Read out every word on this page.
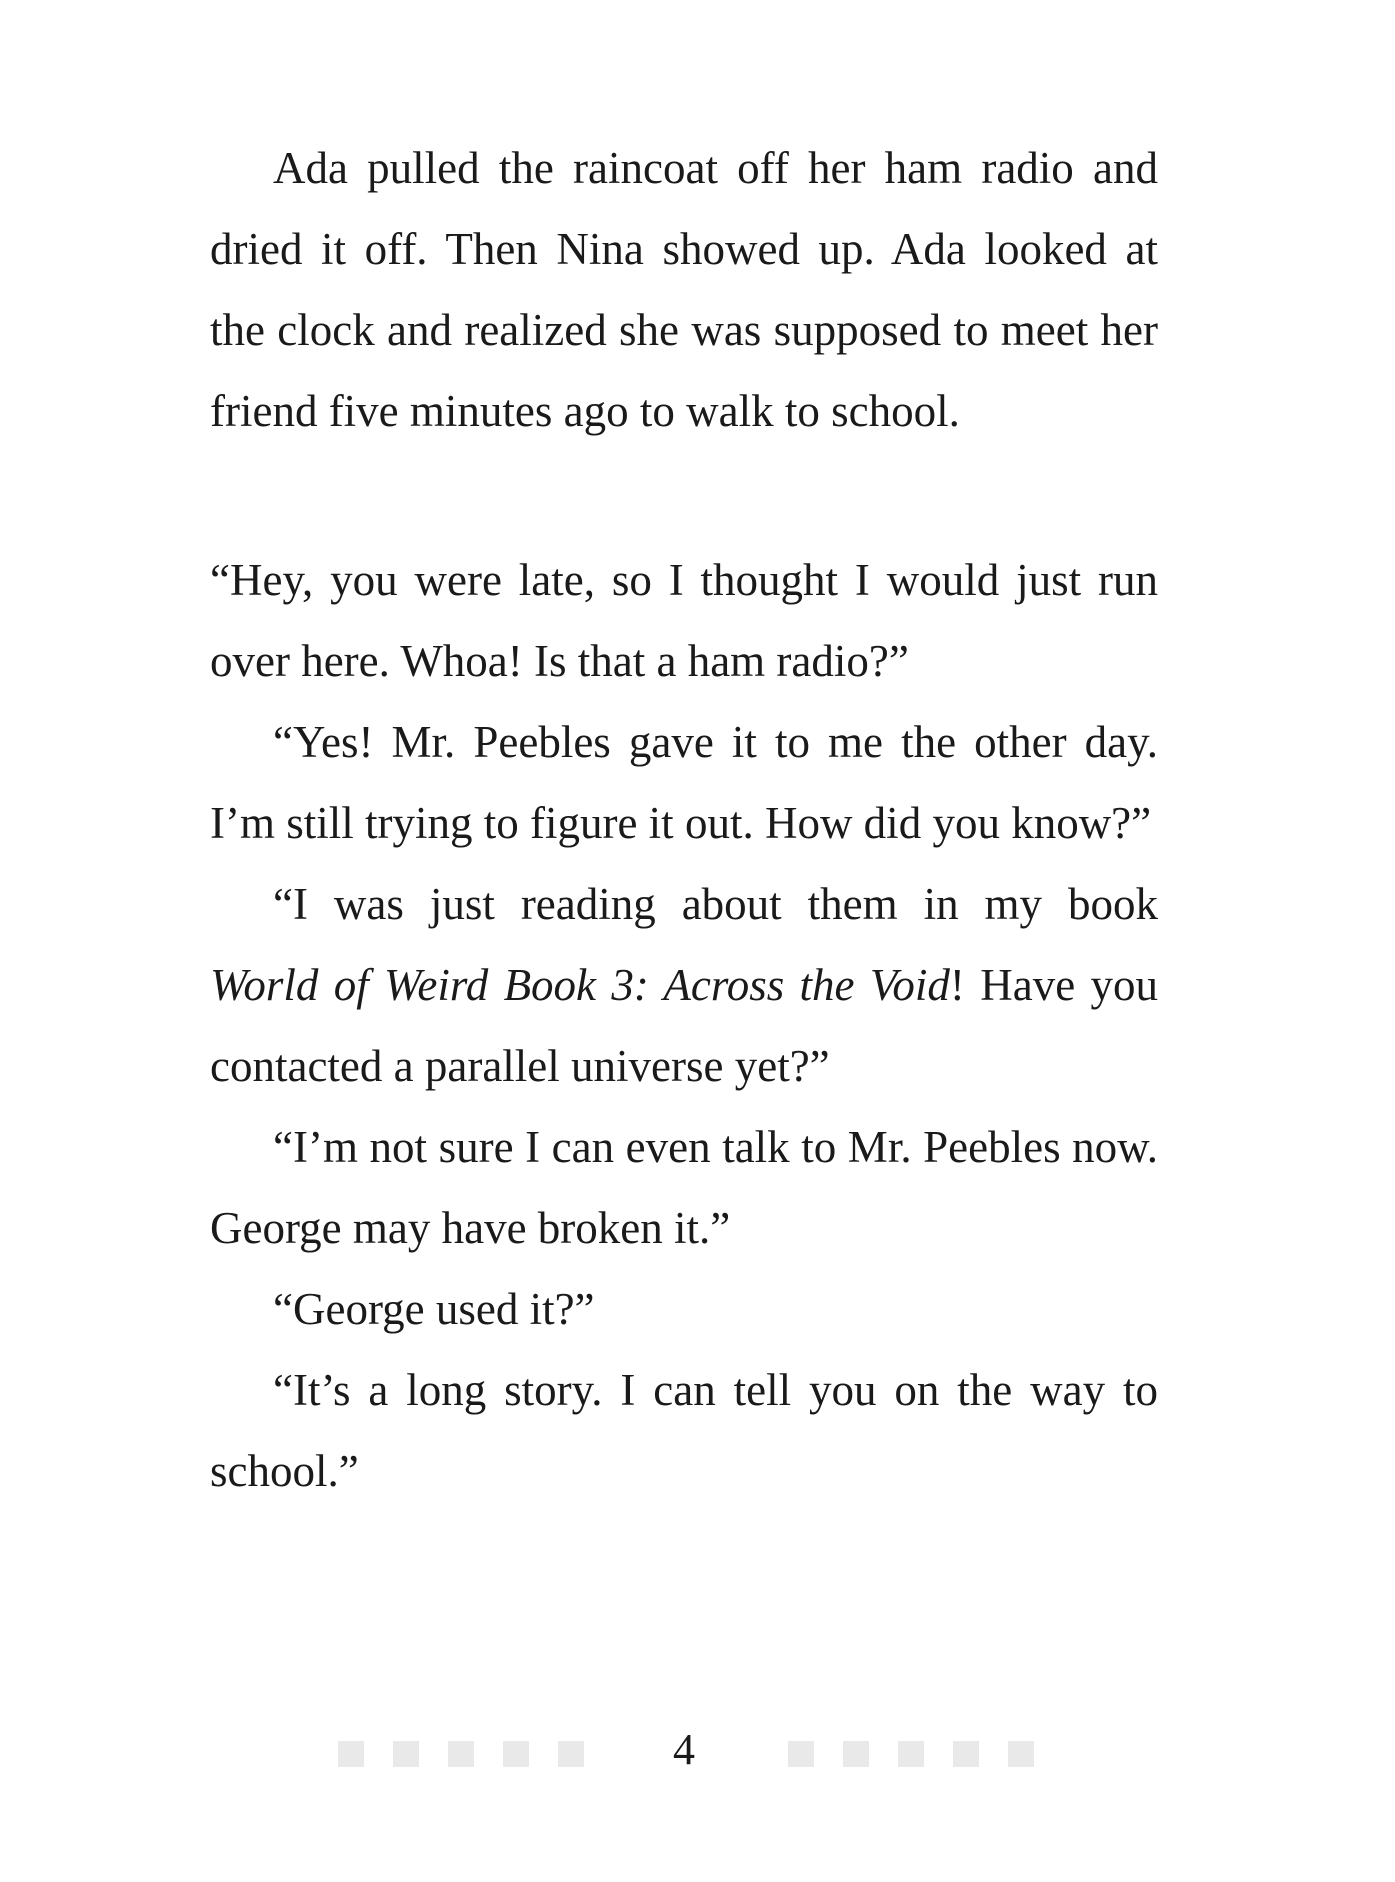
Ada pulled the raincoat off her ham radio and dried it off. Then Nina showed up. Ada looked at the clock and realized she was supposed to meet her friend five minutes ago to walk to school.

“Hey, you were late, so I thought I would just run over here. Whoa! Is that a ham radio?”

“Yes! Mr. Peebles gave it to me the other day. I’m still trying to figure it out. How did you know?”

“I was just reading about them in my book World of Weird Book 3: Across the Void! Have you contacted a parallel universe yet?”

“I’m not sure I can even talk to Mr. Peebles now. George may have broken it.”

“George used it?”

“It’s a long story. I can tell you on the way to school.”

4
